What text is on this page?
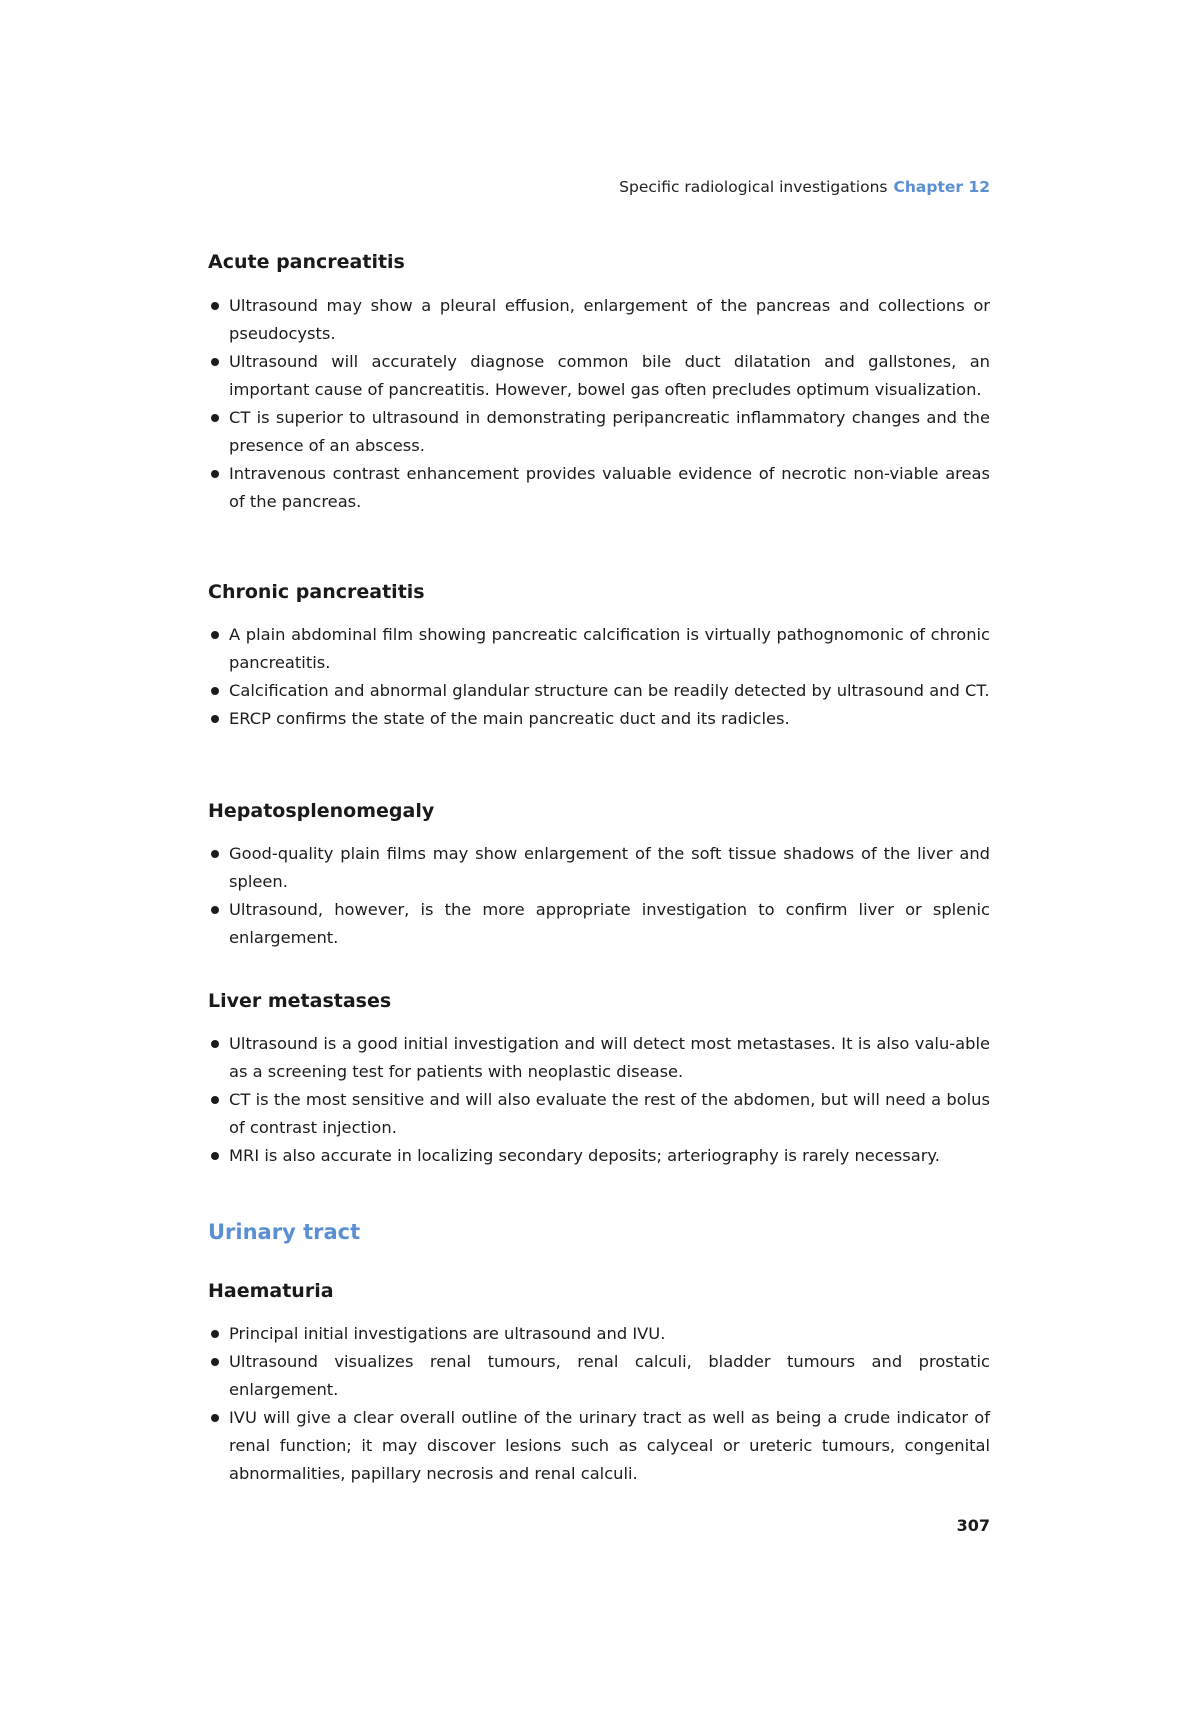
Specific radiological investigations Chapter 12
Acute pancreatitis
Ultrasound may show a pleural effusion, enlargement of the pancreas and collections or pseudocysts.
Ultrasound will accurately diagnose common bile duct dilatation and gallstones, an important cause of pancreatitis. However, bowel gas often precludes optimum visualization.
CT is superior to ultrasound in demonstrating peripancreatic inflammatory changes and the presence of an abscess.
Intravenous contrast enhancement provides valuable evidence of necrotic non-viable areas of the pancreas.
Chronic pancreatitis
A plain abdominal film showing pancreatic calcification is virtually pathognomonic of chronic pancreatitis.
Calcification and abnormal glandular structure can be readily detected by ultrasound and CT.
ERCP confirms the state of the main pancreatic duct and its radicles.
Hepatosplenomegaly
Good-quality plain films may show enlargement of the soft tissue shadows of the liver and spleen.
Ultrasound, however, is the more appropriate investigation to confirm liver or splenic enlargement.
Liver metastases
Ultrasound is a good initial investigation and will detect most metastases. It is also valu-able as a screening test for patients with neoplastic disease.
CT is the most sensitive and will also evaluate the rest of the abdomen, but will need a bolus of contrast injection.
MRI is also accurate in localizing secondary deposits; arteriography is rarely necessary.
Urinary tract
Haematuria
Principal initial investigations are ultrasound and IVU.
Ultrasound visualizes renal tumours, renal calculi, bladder tumours and prostatic enlargement.
IVU will give a clear overall outline of the urinary tract as well as being a crude indicator of renal function; it may discover lesions such as calyceal or ureteric tumours, congenital abnormalities, papillary necrosis and renal calculi.
307
